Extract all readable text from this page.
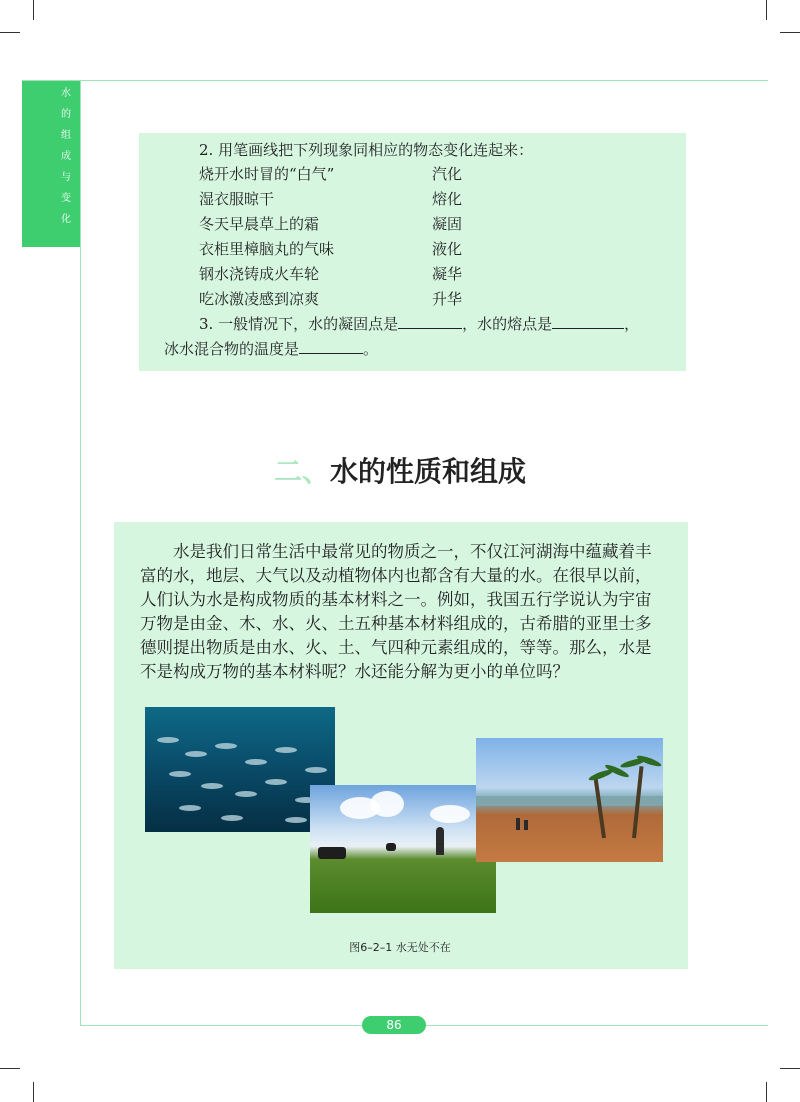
水
的
组
成
与
变
化
2. 用笔画线把下列现象同相应的物态变化连起来：
烧开水时冒的“白气”	汽化
湿衣服晾干	熔化
冬天早晨草上的霜	凝固
衣柜里樟脑丸的气味	液化
钢水浇铸成火车轮	凝华
吃冰激凌感到凉爽	升华
3. 一般情况下，水的凝固点是	，水的熔点是	，
冰水混合物的温度是	。
二、水的性质和组成
水是我们日常生活中最常见的物质之一，不仅江河湖海中蕴藏着丰
富的水，地层、大气以及动植物体内也都含有大量的水。在很早以前，
人们认为水是构成物质的基本材料之一。例如，我国五行学说认为宇宙
万物是由金、木、水、火、土五种基本材料组成的，古希腊的亚里士多
德则提出物质是由水、火、土、气四种元素组成的，等等。那么，水是
不是构成万物的基本材料呢？水还能分解为更小的单位吗？
图6–2–1 水无处不在
86
